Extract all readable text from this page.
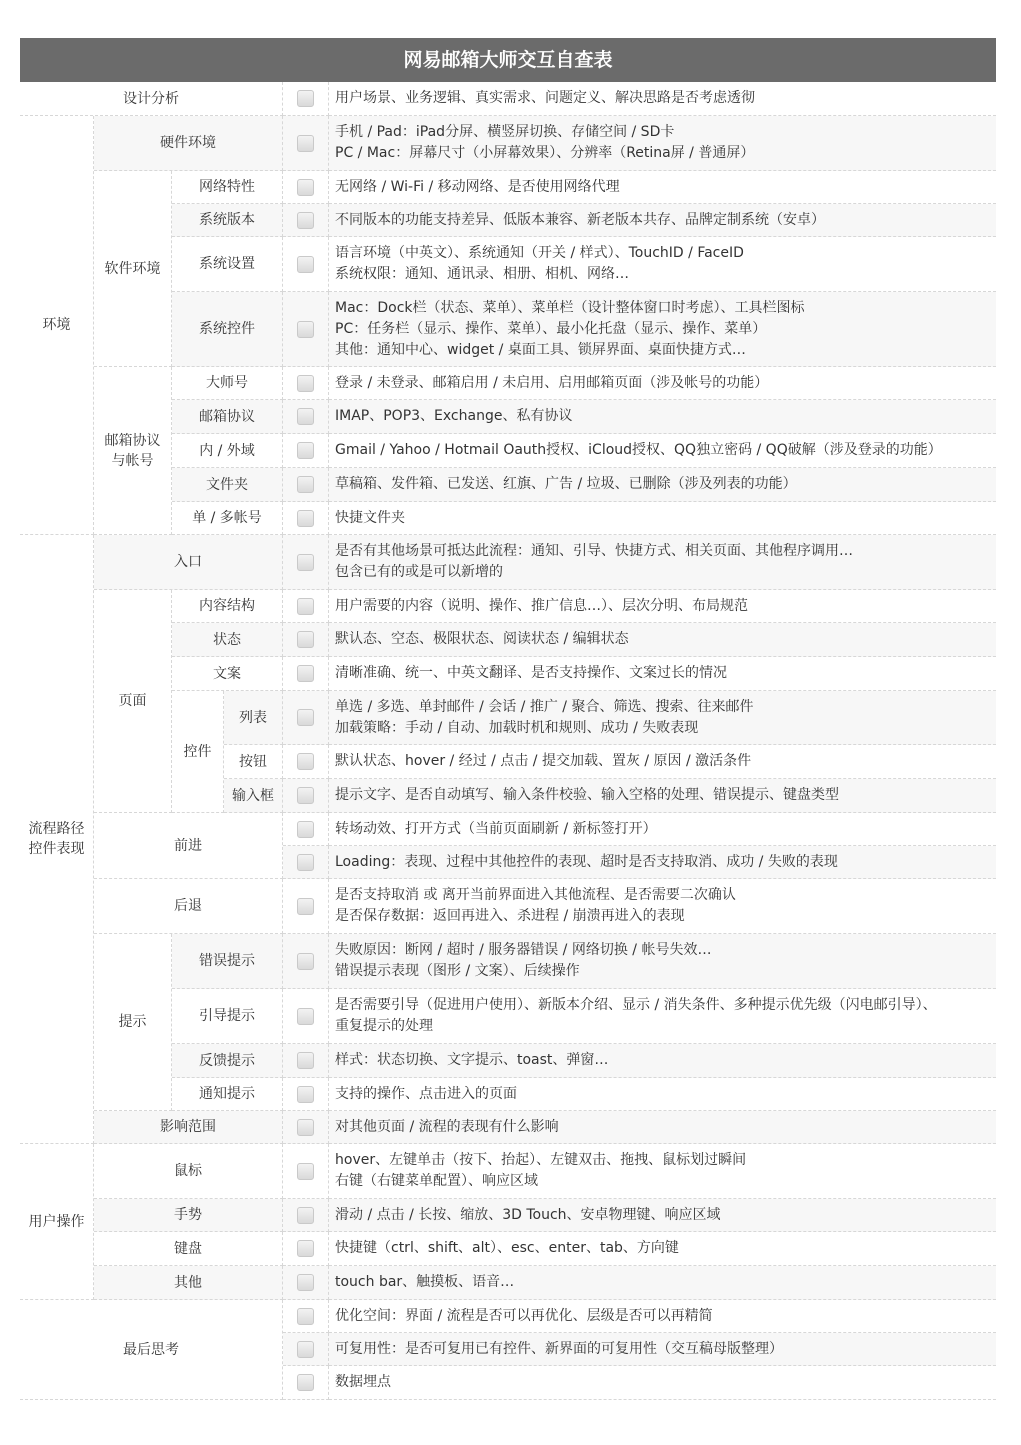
网易邮箱大师交互自查表
设计分析
环境
硬件环境
软件环境
网络特性
系统版本
系统设置
系统控件
邮箱协议与帐号
大师号
邮箱协议
内 / 外域
文件夹
单 / 多帐号
流程路径控件表现
入口
页面
内容结构
状态
文案
控件
列表
按钮
输入框
前进
后退
提示
错误提示
引导提示
反馈提示
通知提示
影响范围
用户操作
鼠标
手势
键盘
其他
最后思考
用户场景、业务逻辑、真实需求、问题定义、解决思路是否考虑透彻
手机 / Pad：iPad分屏、横竖屏切换、存储空间 / SD卡
PC / Mac：屏幕尺寸（小屏幕效果）、分辨率（Retina屏 / 普通屏）
无网络 / Wi-Fi / 移动网络、是否使用网络代理
不同版本的功能支持差异、低版本兼容、新老版本共存、品牌定制系统（安卓）
语言环境（中英文）、系统通知（开关 / 样式）、TouchID / FaceID
系统权限：通知、通讯录、相册、相机、网络…
Mac：Dock栏（状态、菜单）、菜单栏（设计整体窗口时考虑）、工具栏图标
PC：任务栏（显示、操作、菜单）、最小化托盘（显示、操作、菜单）
其他：通知中心、widget / 桌面工具、锁屏界面、桌面快捷方式…
登录 / 未登录、邮箱启用 / 未启用、启用邮箱页面（涉及帐号的功能）
IMAP、POP3、Exchange、私有协议
Gmail / Yahoo / Hotmail Oauth授权、iCloud授权、QQ独立密码 / QQ破解（涉及登录的功能）
草稿箱、发件箱、已发送、红旗、广告 / 垃圾、已删除（涉及列表的功能）
快捷文件夹
是否有其他场景可抵达此流程：通知、引导、快捷方式、相关页面、其他程序调用…
包含已有的或是可以新增的
用户需要的内容（说明、操作、推广信息…）、层次分明、布局规范
默认态、空态、极限状态、阅读状态 / 编辑状态
清晰准确、统一、中英文翻译、是否支持操作、文案过长的情况
单选 / 多选、单封邮件 / 会话 / 推广 / 聚合、筛选、搜索、往来邮件
加载策略：手动 / 自动、加载时机和规则、成功 / 失败表现
默认状态、hover / 经过 / 点击 / 提交加载、置灰 / 原因 / 激活条件
提示文字、是否自动填写、输入条件校验、输入空格的处理、错误提示、键盘类型
转场动效、打开方式（当前页面刷新 / 新标签打开）
Loading：表现、过程中其他控件的表现、超时是否支持取消、成功 / 失败的表现
是否支持取消 或 离开当前界面进入其他流程、是否需要二次确认
是否保存数据：返回再进入、杀进程 / 崩溃再进入的表现
失败原因：断网 / 超时 / 服务器错误 / 网络切换 / 帐号失效…
错误提示表现（图形 / 文案）、后续操作
是否需要引导（促进用户使用）、新版本介绍、显示 / 消失条件、多种提示优先级（闪电邮引导）、
重复提示的处理
样式：状态切换、文字提示、toast、弹窗…
支持的操作、点击进入的页面
对其他页面 / 流程的表现有什么影响
hover、左键单击（按下、抬起）、左键双击、拖拽、鼠标划过瞬间
右键（右键菜单配置）、响应区域
滑动 / 点击 / 长按、缩放、3D Touch、安卓物理键、响应区域
快捷键（ctrl、shift、alt）、esc、enter、tab、方向键
touch bar、触摸板、语音…
优化空间：界面 / 流程是否可以再优化、层级是否可以再精简
可复用性：是否可复用已有控件、新界面的可复用性（交互稿母版整理）
数据埋点
